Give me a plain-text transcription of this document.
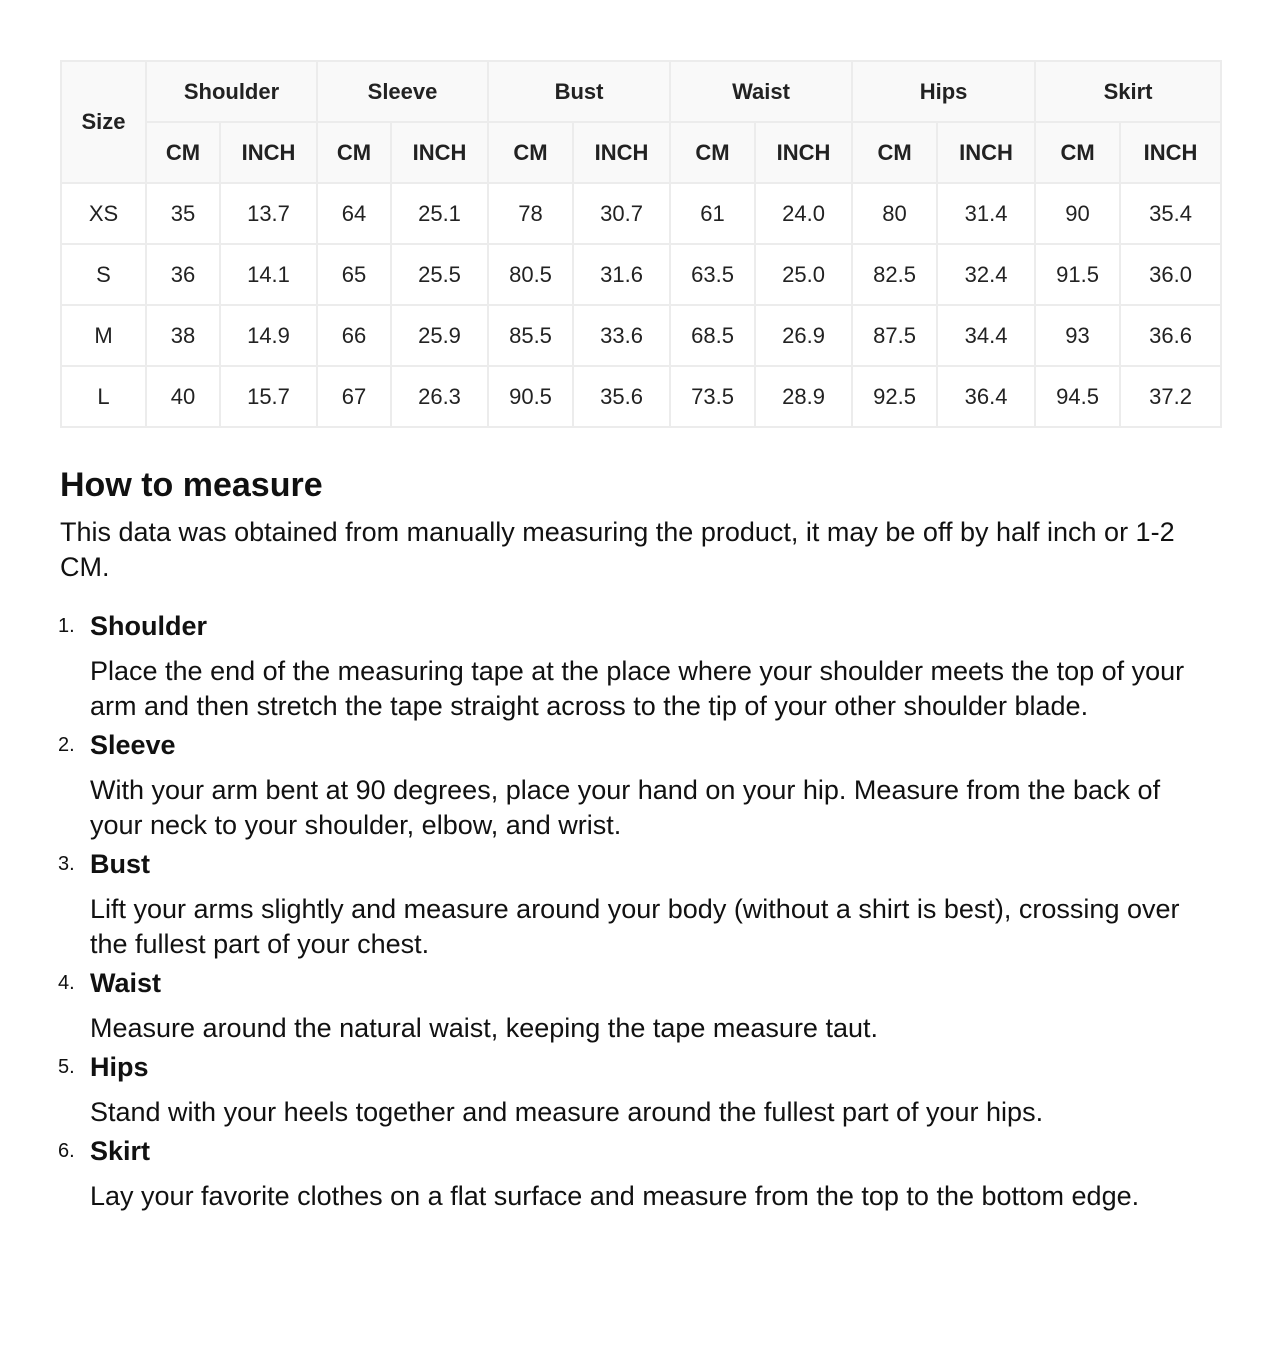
Size	Shoulder		Sleeve		Bust		Waist		Hips		Skirt	
	CM	INCH	CM	INCH	CM	INCH	CM	INCH	CM	INCH	CM	INCH
XS	35	13.7	64	25.1	78	30.7	61	24.0	80	31.4	90	35.4
S	36	14.1	65	25.5	80.5	31.6	63.5	25.0	82.5	32.4	91.5	36.0
M	38	14.9	66	25.9	85.5	33.6	68.5	26.9	87.5	34.4	93	36.6
L	40	15.7	67	26.3	90.5	35.6	73.5	28.9	92.5	36.4	94.5	37.2
How to measure

This data was obtained from manually measuring the product, it may be off by half inch or 1-2 CM.

1. Shoulder
Place the end of the measuring tape at the place where your shoulder meets the top of your arm and then stretch the tape straight across to the tip of your other shoulder blade.
2. Sleeve
With your arm bent at 90 degrees, place your hand on your hip. Measure from the back of your neck to your shoulder, elbow, and wrist.
3. Bust
Lift your arms slightly and measure around your body (without a shirt is best), crossing over the fullest part of your chest.
4. Waist
Measure around the natural waist, keeping the tape measure taut.
5. Hips
Stand with your heels together and measure around the fullest part of your hips.
6. Skirt
Lay your favorite clothes on a flat surface and measure from the top to the bottom edge.
